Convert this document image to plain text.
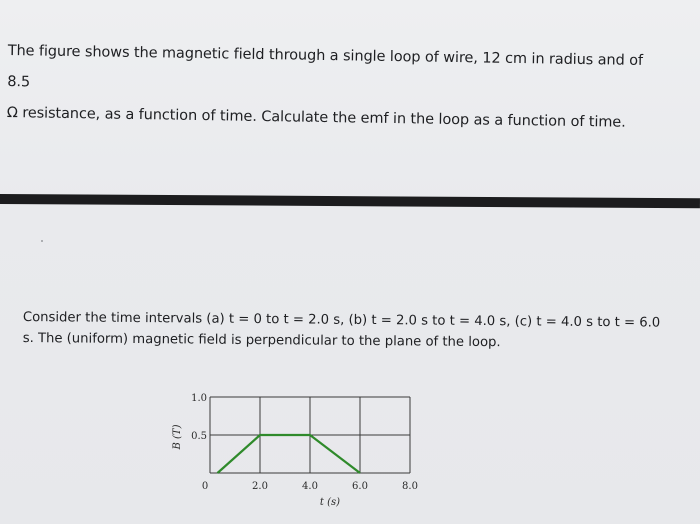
The figure shows the magnetic field through a single loop of wire, 12 cm in radius and of 8.5
Ω resistance, as a function of time. Calculate the emf in the loop as a function of time.
Consider the time intervals (a) t = 0 to t = 2.0 s, (b) t = 2.0 s to t = 4.0 s, (c) t = 4.0 s to t = 6.0
s. The (uniform) magnetic field is perpendicular to the plane of the loop.
0	2.0	4.0	6.0	8.0
0.5
1.0
t (s)
B (T)
